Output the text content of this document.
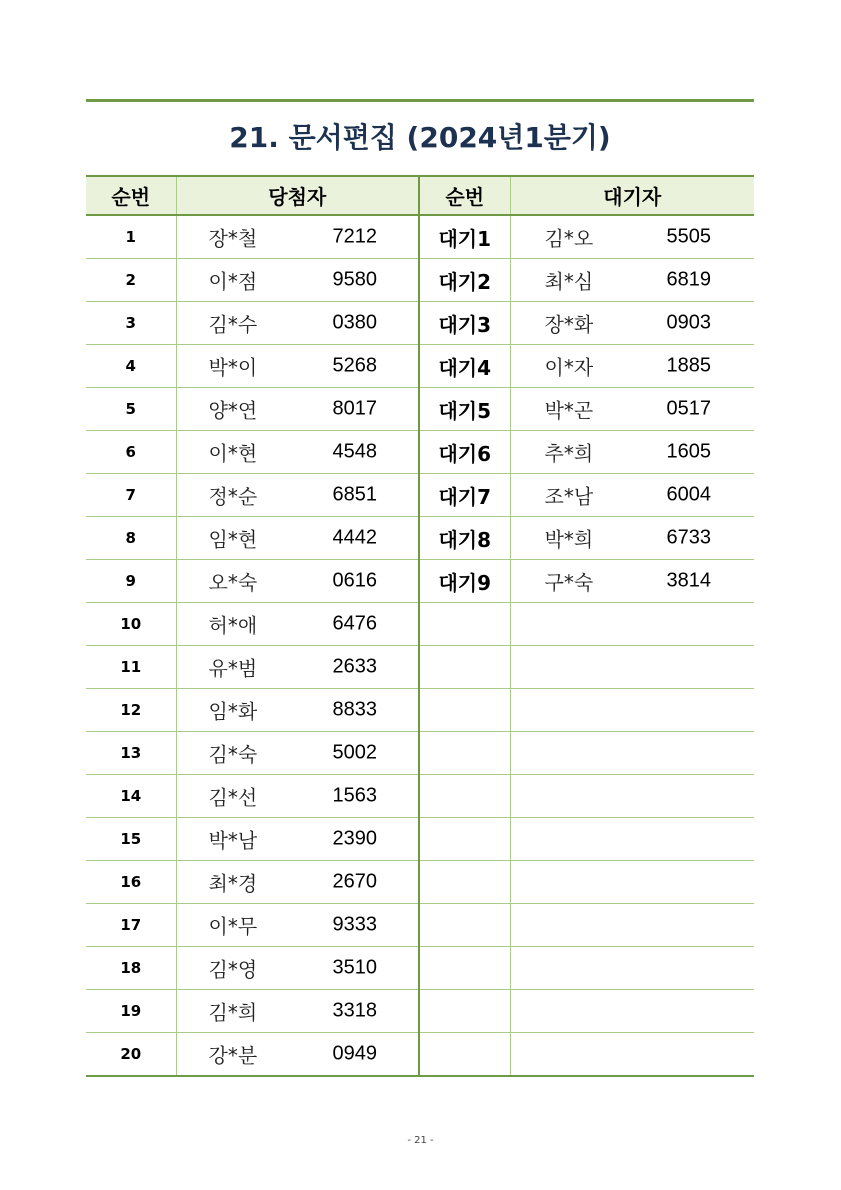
21. 문서편집 (2024년1분기)
순번	당첨자	순번	대기자
1	장*철 7212	대기1	김*오 5505

2	이*점 9580	대기2	최*심 6819

3	김*수 0380	대기3	장*화 0903

4	박*이 5268	대기4	이*자 1885

5	양*연 8017	대기5	박*곤 0517

6	이*현 4548	대기6	추*희 1605

7	정*순 6851	대기7	조*남 6004

8	임*현 4442	대기8	박*희 6733

9	오*숙 0616	대기9	구*숙 3814

10	허*애 6476		

11	유*범 2633		

12	임*화 8833		

13	김*숙 5002		

14	김*선 1563		

15	박*남 2390		

16	최*경 2670		

17	이*무 9333		

18	김*영 3510		

19	김*희 3318		

20	강*분 0949		

- 21 -
